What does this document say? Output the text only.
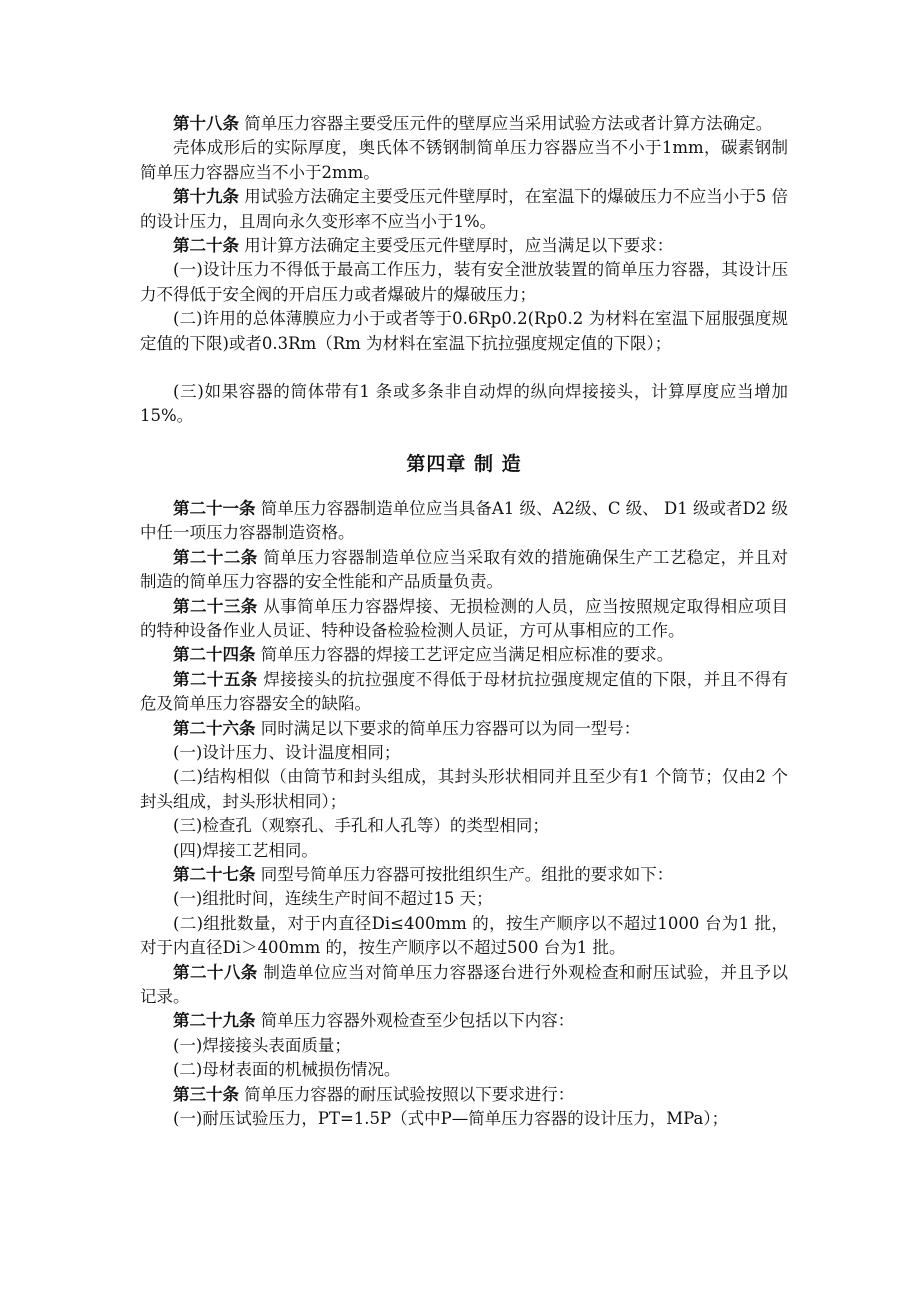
第十八条 简单压力容器主要受压元件的壁厚应当采用试验方法或者计算方法确定。

壳体成形后的实际厚度，奥氏体不锈钢制简单压力容器应当不小于1mm，碳素钢制简单压力容器应当不小于2mm。

第十九条 用试验方法确定主要受压元件壁厚时，在室温下的爆破压力不应当小于5 倍的设计压力，且周向永久变形率不应当小于1%。

第二十条 用计算方法确定主要受压元件壁厚时，应当满足以下要求：

(一)设计压力不得低于最高工作压力，装有安全泄放装置的简单压力容器，其设计压力不得低于安全阀的开启压力或者爆破片的爆破压力；

(二)许用的总体薄膜应力小于或者等于0.6Rp0.2(Rp0.2 为材料在室温下屈服强度规定值的下限)或者0.3Rm（Rm 为材料在室温下抗拉强度规定值的下限）；

(三)如果容器的筒体带有1 条或多条非自动焊的纵向焊接接头，计算厚度应当增加15%。

第四章 制 造

第二十一条 简单压力容器制造单位应当具备A1 级、A2级、C 级、 D1 级或者D2 级中任一项压力容器制造资格。

第二十二条 简单压力容器制造单位应当采取有效的措施确保生产工艺稳定，并且对制造的简单压力容器的安全性能和产品质量负责。

第二十三条 从事简单压力容器焊接、无损检测的人员，应当按照规定取得相应项目的特种设备作业人员证、特种设备检验检测人员证，方可从事相应的工作。

第二十四条 简单压力容器的焊接工艺评定应当满足相应标准的要求。

第二十五条 焊接接头的抗拉强度不得低于母材抗拉强度规定值的下限，并且不得有危及简单压力容器安全的缺陷。

第二十六条 同时满足以下要求的简单压力容器可以为同一型号：

(一)设计压力、设计温度相同；

(二)结构相似（由筒节和封头组成，其封头形状相同并且至少有1 个筒节；仅由2 个封头组成，封头形状相同）；

(三)检查孔（观察孔、手孔和人孔等）的类型相同；

(四)焊接工艺相同。

第二十七条 同型号简单压力容器可按批组织生产。组批的要求如下：

(一)组批时间，连续生产时间不超过15 天；

(二)组批数量，对于内直径Di≤400mm 的，按生产顺序以不超过1000 台为1 批，对于内直径Di＞400mm 的，按生产顺序以不超过500 台为1 批。

第二十八条 制造单位应当对简单压力容器逐台进行外观检查和耐压试验，并且予以记录。

第二十九条 简单压力容器外观检查至少包括以下内容：

(一)焊接接头表面质量；

(二)母材表面的机械损伤情况。

第三十条 简单压力容器的耐压试验按照以下要求进行：

(一)耐压试验压力，PT=1.5P（式中P—简单压力容器的设计压力，MPa）；
